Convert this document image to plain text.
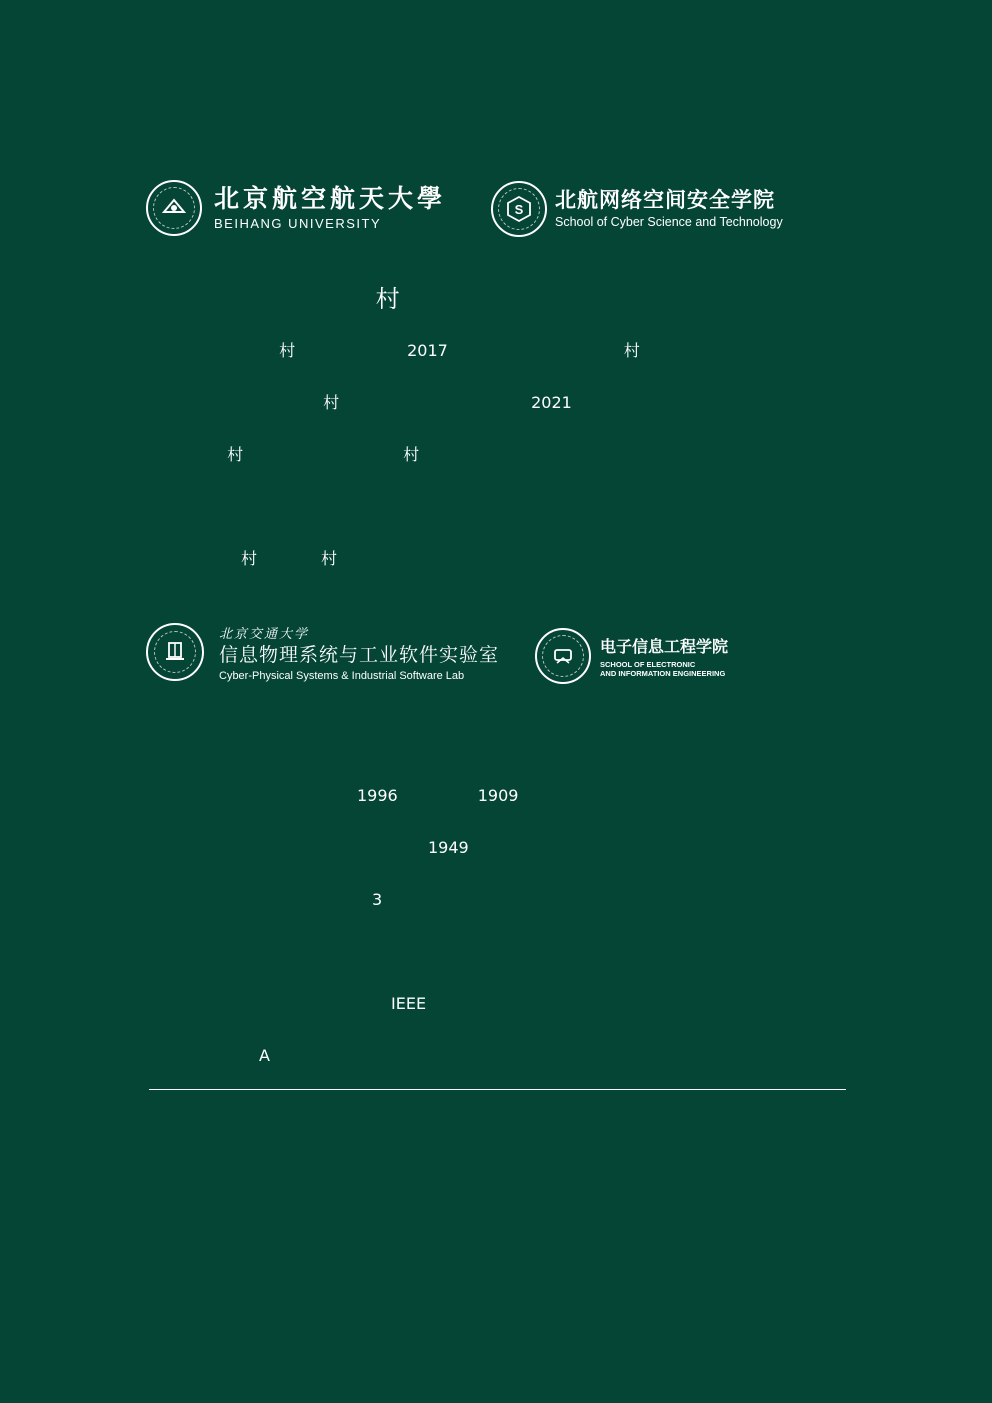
北京航空航天大學
BEIHANG UNIVERSITY
S 北航网络空间安全学院
School of Cyber Science and Technology
　　　　　      　村　　　
　　 村　　　　　　　2017　　　　　　　　　　　村
　　　　　　　　　　　 村　　　　　　　　　　　　2021
　　　 村　　　　　　　　　　村

村　　　　村　　　　　　　　　　　　　　　　
北京交通大学
信息物理系统与工业软件实验室
Cyber-Physical Systems & Industrial Software Lab
电子信息工程学院
SCHOOL OF ELECTRONIC
AND INFORMATION ENGINEERING

　　　　　　　　　　1996　　　　　1909　　　　　　　　
　　　　　　　1949　　　　　　　　　　　　　　　
　　　　　　　　　　　　3　　　　　　　　　　

　　　　　　　IEEE　　　　　　　　　　　　
　　　　　A　　
